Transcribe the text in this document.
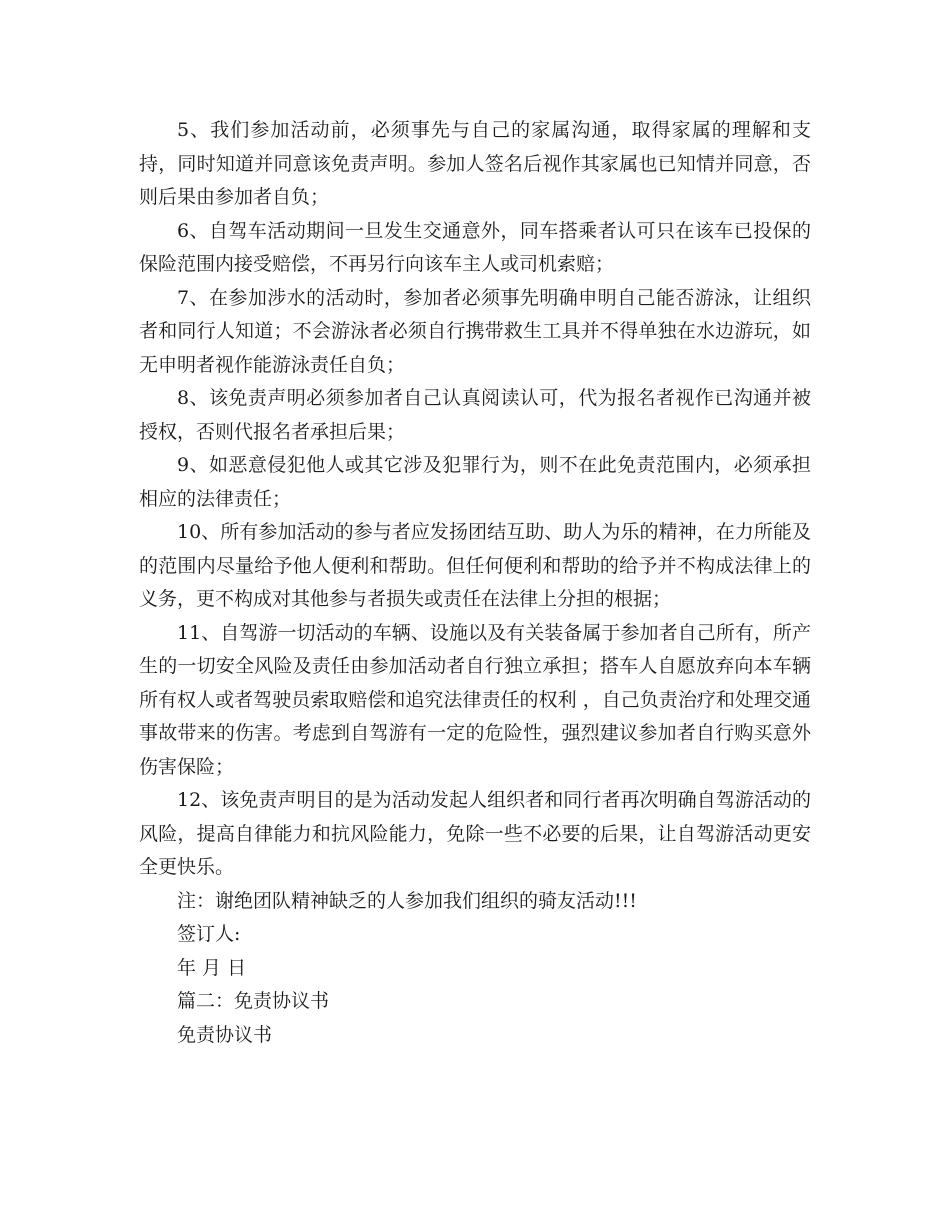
5、我们参加活动前，必须事先与自己的家属沟通，取得家属的理解和支持，同时知道并同意该免责声明。参加人签名后视作其家属也已知情并同意，否则后果由参加者自负；

6、自驾车活动期间一旦发生交通意外，同车搭乘者认可只在该车已投保的保险范围内接受赔偿，不再另行向该车主人或司机索赔；

7、在参加涉水的活动时，参加者必须事先明确申明自己能否游泳，让组织者和同行人知道；不会游泳者必须自行携带救生工具并不得单独在水边游玩，如无申明者视作能游泳责任自负；

8、该免责声明必须参加者自己认真阅读认可，代为报名者视作已沟通并被授权，否则代报名者承担后果；

9、如恶意侵犯他人或其它涉及犯罪行为，则不在此免责范围内，必须承担相应的法律责任；

10、所有参加活动的参与者应发扬团结互助、助人为乐的精神，在力所能及的范围内尽量给予他人便利和帮助。但任何便利和帮助的给予并不构成法律上的义务，更不构成对其他参与者损失或责任在法律上分担的根据；

11、自驾游一切活动的车辆、设施以及有关装备属于参加者自己所有，所产生的一切安全风险及责任由参加活动者自行独立承担；搭车人自愿放弃向本车辆所有权人或者驾驶员索取赔偿和追究法律责任的权利 ，自己负责治疗和处理交通事故带来的伤害。考虑到自驾游有一定的危险性，强烈建议参加者自行购买意外伤害保险；

12、该免责声明目的是为活动发起人组织者和同行者再次明确自驾游活动的风险，提高自律能力和抗风险能力，免除一些不必要的后果，让自驾游活动更安全更快乐。

注：谢绝团队精神缺乏的人参加我们组织的骑友活动!!!

签订人:

年 月 日

篇二：免责协议书

免责协议书
